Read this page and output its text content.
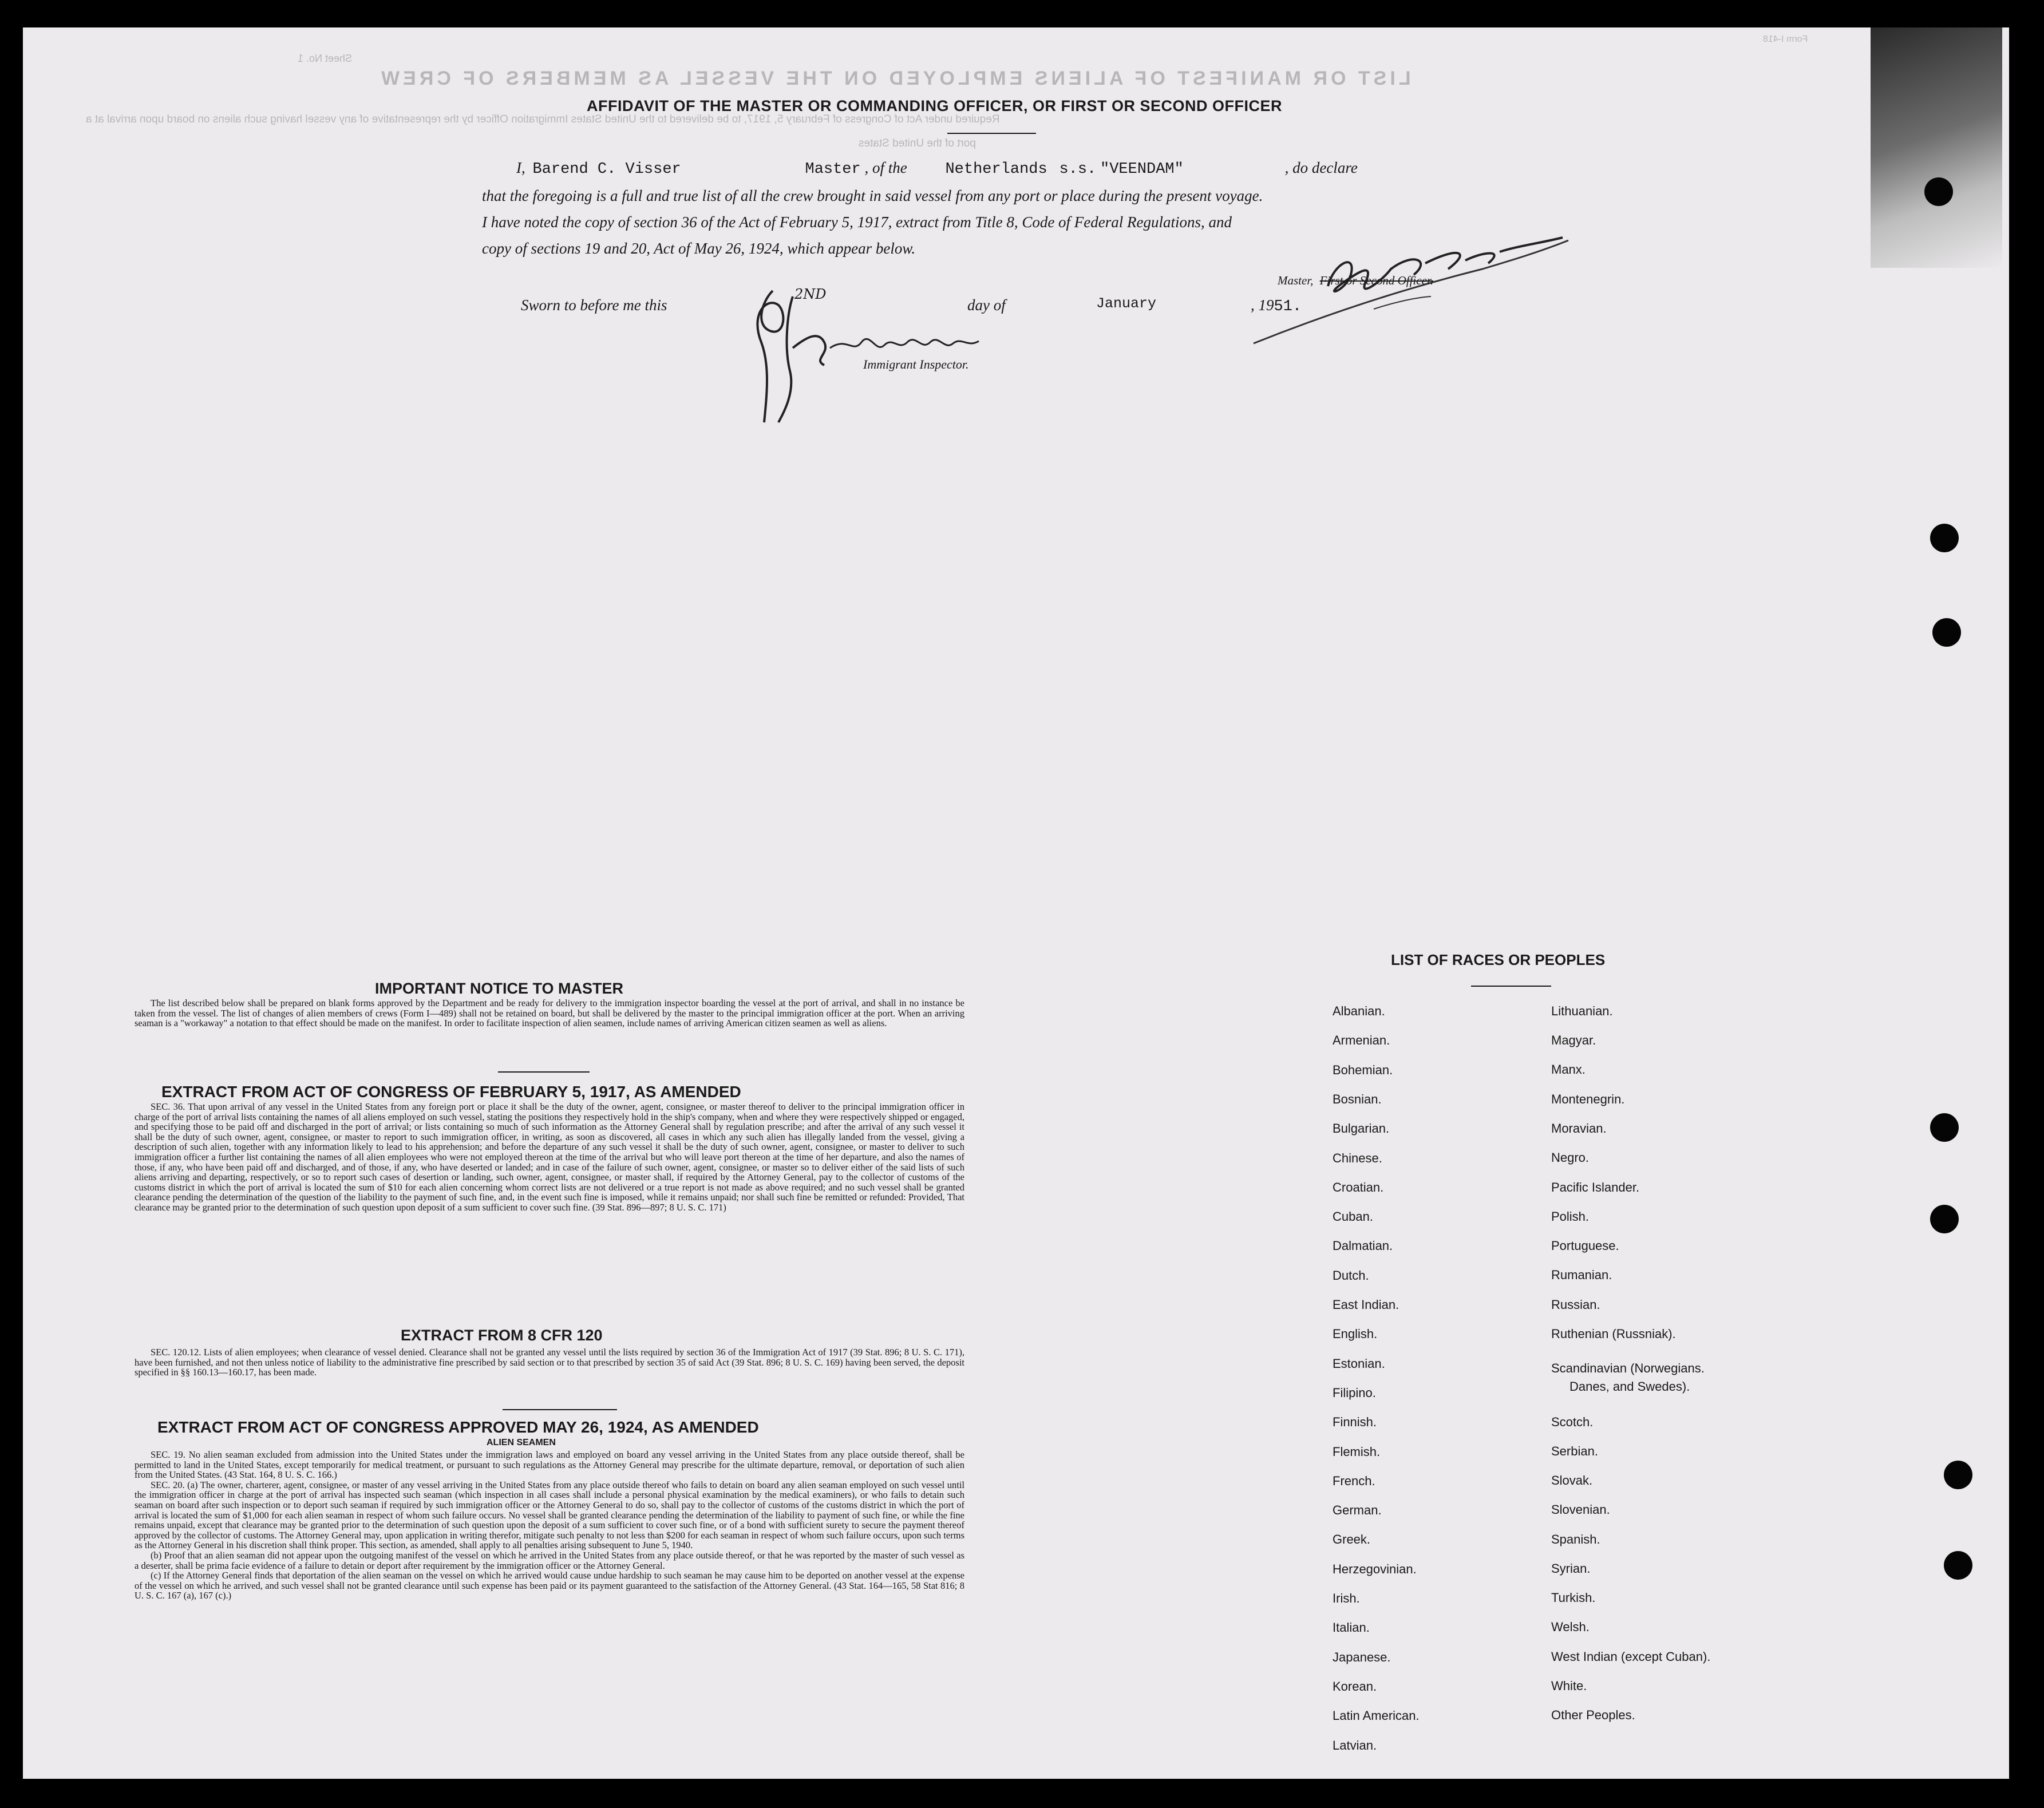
LIST OR MANIFEST OF ALIENS EMPLOYED ON THE VESSEL AS MEMBERS OF CREW
Sheet No. 1
Form I-418
Required under Act of Congress of February 5, 1917, to be delivered to the United States Immigration Officer by the representative of any vessel having such aliens on board upon arrival at a
port of the United States
AFFIDAVIT OF THE MASTER OR COMMANDING OFFICER, OR FIRST OR SECOND OFFICER
I, Barend C. Visser	Master , of the Netherlands s.s. "VEENDAM"	, do declare
that the foregoing is a full and true list of all the crew brought in said vessel from any port or place during the present voyage.
I have noted the copy of section 36 of the Act of February 5, 1917, extract from Title 8, Code of Federal Regulations, and
copy of sections 19 and 20, Act of May 26, 1924, which appear below.
Master, First or Second Officer.
Sworn to before me this
2ND
day of	January	, 1951.
Immigrant Inspector.
IMPORTANT NOTICE TO MASTER

The list described below shall be prepared on blank forms approved by the Department and be ready for delivery to the immigration inspector boarding the vessel at the port of arrival, and shall in no instance be taken from the vessel. The list of changes of alien members of crews (Form I—489) shall not be retained on board, but shall be delivered by the master to the principal immigration officer at the port. When an arriving seaman is a "workaway" a notation to that effect should be made on the manifest. In order to facilitate inspection of alien seamen, include names of arriving American citizen seamen as well as aliens.

EXTRACT FROM ACT OF CONGRESS OF FEBRUARY 5, 1917, AS AMENDED

SEC. 36. That upon arrival of any vessel in the United States from any foreign port or place it shall be the duty of the owner, agent, consignee, or master thereof to deliver to the principal immigration officer in charge of the port of arrival lists containing the names of all aliens employed on such vessel, stating the positions they respectively hold in the ship's company, when and where they were respectively shipped or engaged, and specifying those to be paid off and discharged in the port of arrival; or lists containing so much of such information as the Attorney General shall by regulation prescribe; and after the arrival of any such vessel it shall be the duty of such owner, agent, consignee, or master to report to such immigration officer, in writing, as soon as discovered, all cases in which any such alien has illegally landed from the vessel, giving a description of such alien, together with any information likely to lead to his apprehension; and before the departure of any such vessel it shall be the duty of such owner, agent, consignee, or master to deliver to such immigration officer a further list containing the names of all alien employees who were not employed thereon at the time of the arrival but who will leave port thereon at the time of her departure, and also the names of those, if any, who have been paid off and discharged, and of those, if any, who have deserted or landed; and in case of the failure of such owner, agent, consignee, or master so to deliver either of the said lists of such aliens arriving and departing, respectively, or so to report such cases of desertion or landing, such owner, agent, consignee, or master shall, if required by the Attorney General, pay to the collector of customs of the customs district in which the port of arrival is located the sum of $10 for each alien concerning whom correct lists are not delivered or a true report is not made as above required; and no such vessel shall be granted clearance pending the determination of the question of the liability to the payment of such fine, and, in the event such fine is imposed, while it remains unpaid; nor shall such fine be remitted or refunded: Provided, That clearance may be granted prior to the determination of such question upon deposit of a sum sufficient to cover such fine. (39 Stat. 896—897; 8 U. S. C. 171)

EXTRACT FROM 8 CFR 120

SEC. 120.12. Lists of alien employees; when clearance of vessel denied. Clearance shall not be granted any vessel until the lists required by section 36 of the Immigration Act of 1917 (39 Stat. 896; 8 U. S. C. 171), have been furnished, and not then unless notice of liability to the administrative fine prescribed by said section or to that prescribed by section 35 of said Act (39 Stat. 896; 8 U. S. C. 169) having been served, the deposit specified in §§ 160.13—160.17, has been made.

EXTRACT FROM ACT OF CONGRESS APPROVED MAY 26, 1924, AS AMENDED
ALIEN SEAMEN

SEC. 19. No alien seaman excluded from admission into the United States under the immigration laws and employed on board any vessel arriving in the United States from any place outside thereof, shall be permitted to land in the United States, except temporarily for medical treatment, or pursuant to such regulations as the Attorney General may prescribe for the ultimate departure, removal, or deportation of such alien from the United States. (43 Stat. 164, 8 U. S. C. 166.)

SEC. 20. (a) The owner, charterer, agent, consignee, or master of any vessel arriving in the United States from any place outside thereof who fails to detain on board any alien seaman employed on such vessel until the immigration officer in charge at the port of arrival has inspected such seaman (which inspection in all cases shall include a personal physical examination by the medical examiners), or who fails to detain such seaman on board after such inspection or to deport such seaman if required by such immigration officer or the Attorney General to do so, shall pay to the collector of customs of the customs district in which the port of arrival is located the sum of $1,000 for each alien seaman in respect of whom such failure occurs. No vessel shall be granted clearance pending the determination of the liability to payment of such fine, or while the fine remains unpaid, except that clearance may be granted prior to the determination of such question upon the deposit of a sum sufficient to cover such fine, or of a bond with sufficient surety to secure the payment thereof approved by the collector of customs. The Attorney General may, upon application in writing therefor, mitigate such penalty to not less than $200 for each seaman in respect of whom such failure occurs, upon such terms as the Attorney General in his discretion shall think proper. This section, as amended, shall apply to all penalties arising subsequent to June 5, 1940.

(b) Proof that an alien seaman did not appear upon the outgoing manifest of the vessel on which he arrived in the United States from any place outside thereof, or that he was reported by the master of such vessel as a deserter, shall be prima facie evidence of a failure to detain or deport after requirement by the immigration officer or the Attorney General.

(c) If the Attorney General finds that deportation of the alien seaman on the vessel on which he arrived would cause undue hardship to such seaman he may cause him to be deported on another vessel at the expense of the vessel on which he arrived, and such vessel shall not be granted clearance until such expense has been paid or its payment guaranteed to the satisfaction of the Attorney General. (43 Stat. 164—165, 58 Stat 816; 8 U. S. C. 167 (a), 167 (c).)

LIST OF RACES OR PEOPLES
Albanian.
Armenian.
Bohemian.
Bosnian.
Bulgarian.
Chinese.
Croatian.
Cuban.
Dalmatian.
Dutch.
East Indian.
English.
Estonian.
Filipino.
Finnish.
Flemish.
French.
German.
Greek.
Herzegovinian.
Irish.
Italian.
Japanese.
Korean.
Latin American.
Latvian.
Lithuanian.
Magyar.
Manx.
Montenegrin.
Moravian.
Negro.
Pacific Islander.
Polish.
Portuguese.
Rumanian.
Russian.
Ruthenian (Russniak).
Scandinavian (Norwegians.
Danes, and Swedes).
Scotch.
Serbian.
Slovak.
Slovenian.
Spanish.
Syrian.
Turkish.
Welsh.
West Indian (except Cuban).
White.
Other Peoples.
